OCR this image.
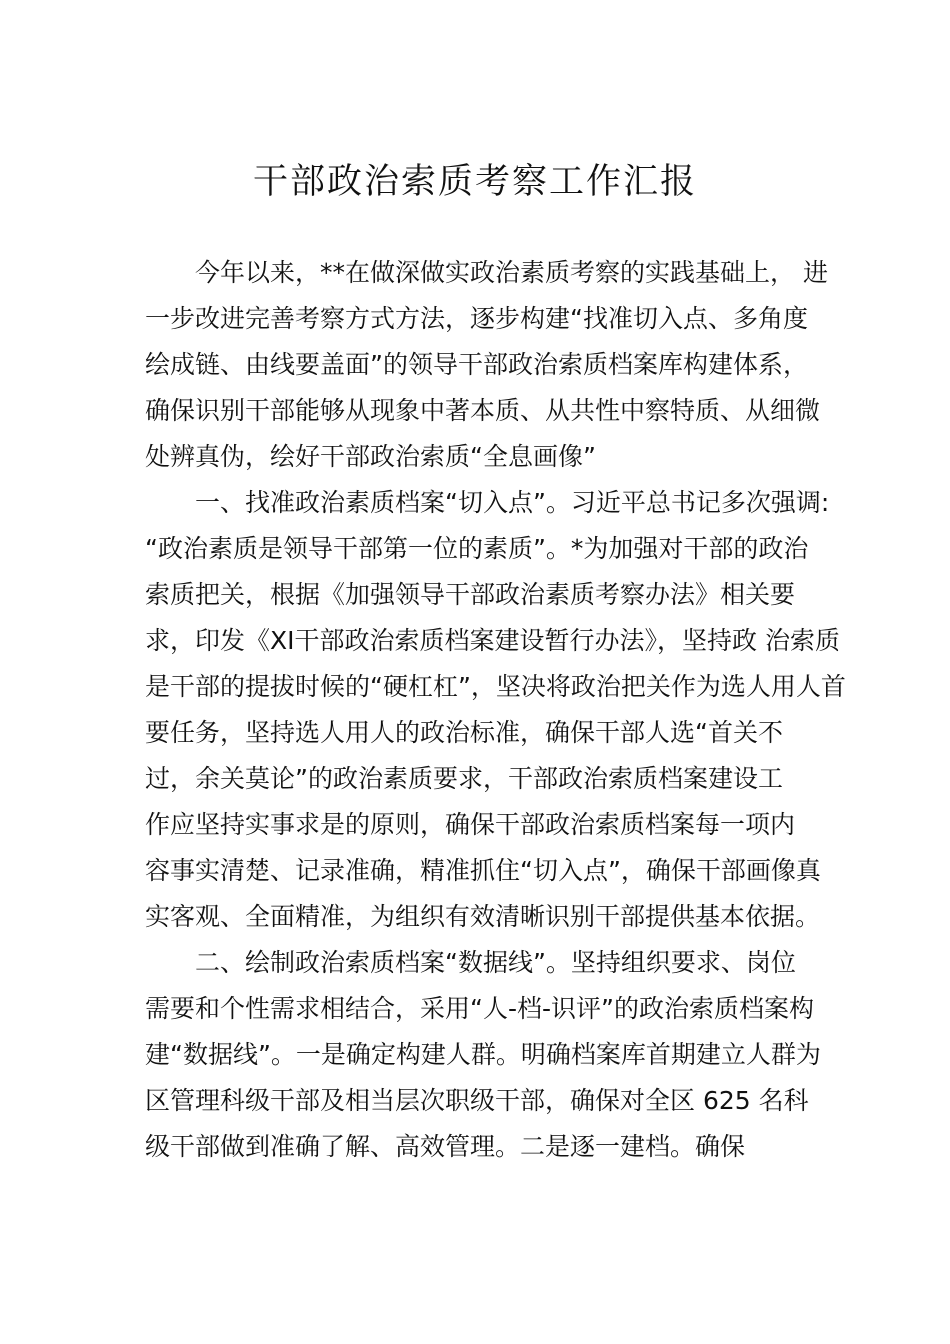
干部政治索质考察工作汇报
今年以来，**在做深做实政治素质考察的实践基础上， 进
一步改进完善考察方式方法，逐步构建“找准切入点、多角度
绘成链、由线要盖面”的领导干部政治索质档案库构建体系，
确保识别干部能够从现象中著本质、从共性中察特质、从细微
处辨真伪，绘好干部政治索质“全息画像”
一、找准政治素质档案“切入点”。习近平总书记多次强调:
“政治素质是领导干部第一位的素质”。*为加强对干部的政治
索质把关，根据《加强领导干部政治素质考察办法》相关要
求，印发《XI干部政治索质档案建设暂行办法》，坚持政 治索质
是干部的提拔时候的“硬杠杠”，坚决将政治把关作为选人用人首
要任务，坚持选人用人的政治标准，确保干部人选“首关不
过，余关莫论”的政治素质要求，干部政治索质档案建设工
作应坚持实事求是的原则，确保干部政治索质档案每一项内
容事实清楚、记录准确，精准抓住“切入点”，确保干部画像真
实客观、全面精准，为组织有效清晰识别干部提供基本依据。
二、绘制政治索质档案“数据线”。坚持组织要求、岗位
需要和个性需求相结合，采用“人-档-识评”的政治索质档案构
建“数据线”。一是确定构建人群。明确档案库首期建立人群为
区管理科级干部及相当层次职级干部，确保对全区 625 名科
级干部做到准确了解、高效管理。二是逐一建档。确保
